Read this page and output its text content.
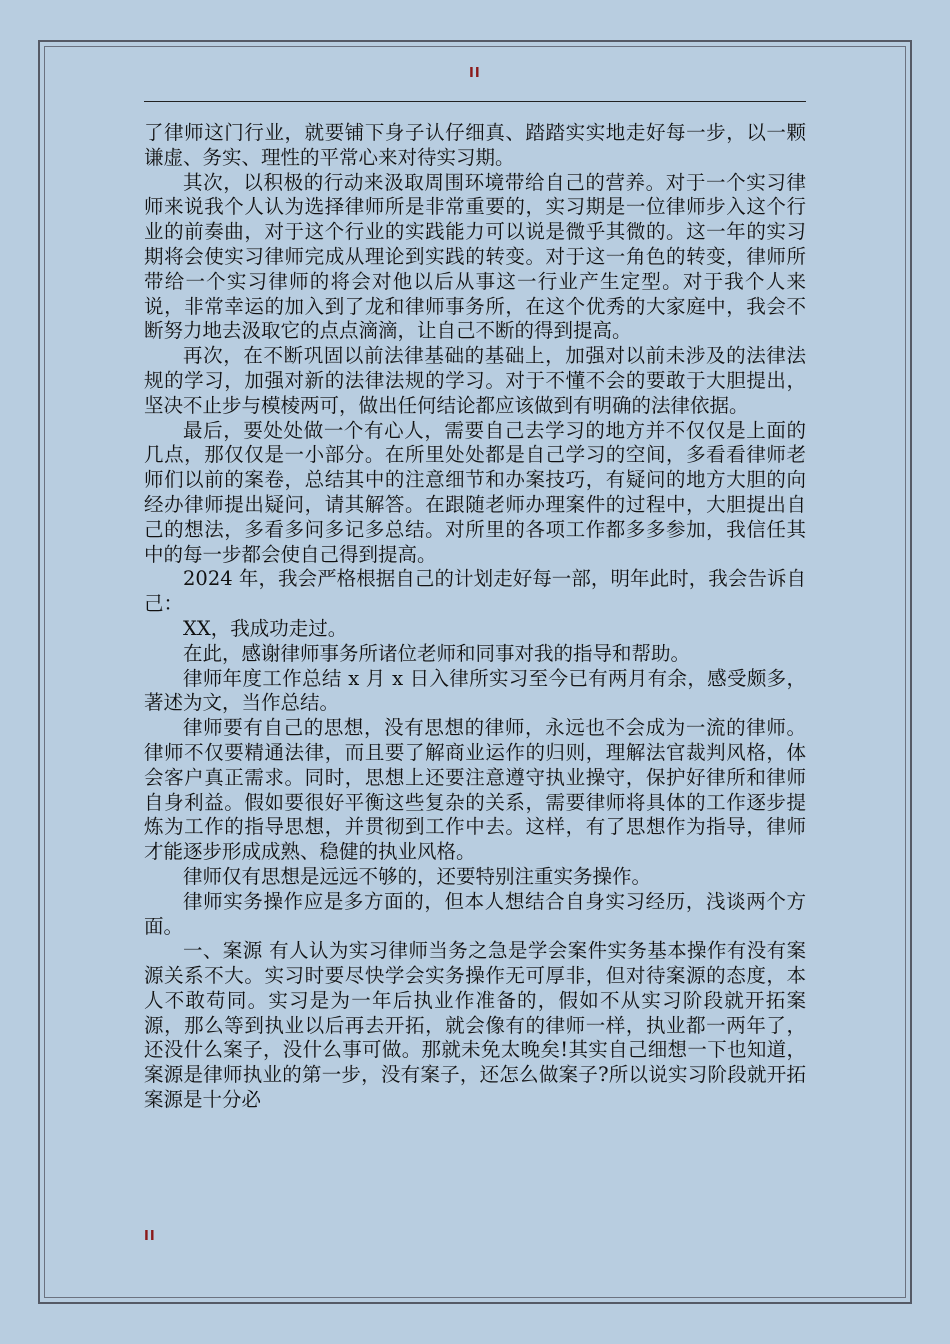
II

了律师这门行业，就要铺下身子认仔细真、踏踏实实地走好每一步，以一颗谦虚、务实、理性的平常心来对待实习期。

其次，以积极的行动来汲取周围环境带给自己的营养。对于一个实习律师来说我个人认为选择律师所是非常重要的，实习期是一位律师步入这个行业的前奏曲，对于这个行业的实践能力可以说是微乎其微的。这一年的实习期将会使实习律师完成从理论到实践的转变。对于这一角色的转变，律师所带给一个实习律师的将会对他以后从事这一行业产生定型。对于我个人来说，非常幸运的加入到了龙和律师事务所，在这个优秀的大家庭中，我会不断努力地去汲取它的点点滴滴，让自己不断的得到提高。

再次，在不断巩固以前法律基础的基础上，加强对以前未涉及的法律法规的学习，加强对新的法律法规的学习。对于不懂不会的要敢于大胆提出，坚决不止步与模棱两可，做出任何结论都应该做到有明确的法律依据。

最后，要处处做一个有心人，需要自己去学习的地方并不仅仅是上面的几点，那仅仅是一小部分。在所里处处都是自己学习的空间，多看看律师老师们以前的案卷，总结其中的注意细节和办案技巧，有疑问的地方大胆的向经办律师提出疑问，请其解答。在跟随老师办理案件的过程中，大胆提出自己的想法，多看多问多记多总结。对所里的各项工作都多多参加，我信任其中的每一步都会使自己得到提高。

2024 年，我会严格根据自己的计划走好每一部，明年此时，我会告诉自己：

XX，我成功走过。

在此，感谢律师事务所诸位老师和同事对我的指导和帮助。

律师年度工作总结 x 月 x 日入律所实习至今已有两月有余，感受颇多，著述为文，当作总结。

律师要有自己的思想，没有思想的律师，永远也不会成为一流的律师。律师不仅要精通法律，而且要了解商业运作的归则，理解法官裁判风格，体会客户真正需求。同时，思想上还要注意遵守执业操守，保护好律所和律师自身利益。假如要很好平衡这些复杂的关系，需要律师将具体的工作逐步提炼为工作的指导思想，并贯彻到工作中去。这样，有了思想作为指导，律师才能逐步形成成熟、稳健的执业风格。

律师仅有思想是远远不够的，还要特别注重实务操作。

律师实务操作应是多方面的，但本人想结合自身实习经历，浅谈两个方面。

一、案源 有人认为实习律师当务之急是学会案件实务基本操作有没有案源关系不大。实习时要尽快学会实务操作无可厚非，但对待案源的态度，本人不敢苟同。实习是为一年后执业作准备的，假如不从实习阶段就开拓案源，那么等到执业以后再去开拓，就会像有的律师一样，执业都一两年了，还没什么案子，没什么事可做。那就未免太晚矣!其实自己细想一下也知道，案源是律师执业的第一步，没有案子，还怎么做案子?所以说实习阶段就开拓案源是十分必

II
